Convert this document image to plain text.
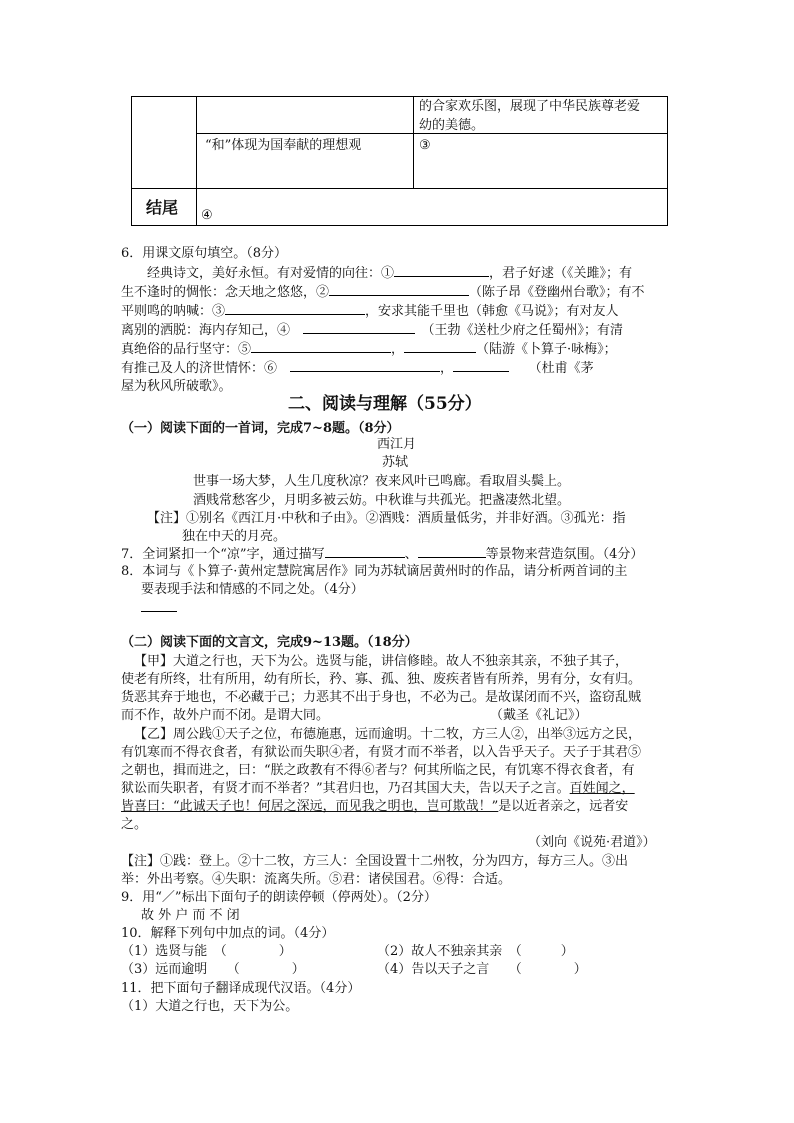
的合家欢乐图，展现了中华民族尊老爱
幼的美德。
“和”体现为国奉献的理想观	③
结尾 ④
6．用课文原句填空。（8分）
经典诗文，美好永恒。有对爱情的向往：①	，君子好逑（《关雎》；有
生不逢时的惆怅：念天地之悠悠，②	（陈子昂《登幽州台歌》；有不
平则鸣的呐喊：③	，安求其能千里也（韩愈《马说》；有对友人
离别的洒脱：海内存知己，④　　	（王勃《送杜少府之任蜀州》；有清
真绝俗的品行坚守：⑤	，	（陆游《卜算子·咏梅》；
有推己及人的济世情怀：⑥　	，　　	（杜甫《茅
屋为秋风所破歌》。
二、阅读与理解（55分）
（一）阅读下面的一首词，完成7~8题。（8分）
西江月
苏轼
世事一场大梦，人生几度秋凉？夜来风叶已鸣廊。看取眉头鬓上。
酒贱常愁客少，月明多被云妨。中秋谁与共孤光。把盏凄然北望。
【注】①别名《西江月·中秋和子由》。②酒贱：酒质量低劣，并非好酒。③孤光：指
独在中天的月亮。
7．全词紧扣一个“凉”字，通过描写	、	等景物来营造氛围。（4分）
8．本词与《卜算子·黄州定慧院寓居作》同为苏轼谪居黄州时的作品，请分析两首词的主
要表现手法和情感的不同之处。（4分）
（二）阅读下面的文言文，完成9~13题。（18分）
【甲】大道之行也，天下为公。选贤与能，讲信修睦。故人不独亲其亲，不独子其子，
使老有所终，壮有所用，幼有所长，矜、寡、孤、独、废疾者皆有所养，男有分，女有归。
货恶其弃于地也，不必藏于己；力恶其不出于身也，不必为己。是故谋闭而不兴，盗窃乱贼
而不作，故外户而不闭。是谓大同。	（戴圣《礼记》）
【乙】周公践①天子之位，布德施惠，远而逾明。十二牧，方三人②，出举③远方之民，
有饥寒而不得衣食者，有狱讼而失职④者，有贤才而不举者，以入告乎天子。天子于其君⑤
之朝也，揖而进之，曰：“朕之政教有不得⑥者与？何其所临之民，有饥寒不得衣食者，有
狱讼而失职者，有贤才而不举者？”其君归也，乃召其国大夫，告以天子之言。百姓闻之，
皆喜曰：“此诚天子也！何居之深远，而见我之明也，岂可欺哉！”是以近者亲之，远者安
之。
（刘向《说苑·君道》）
【注】①践：登上。②十二牧，方三人：全国设置十二州牧，分为四方，每方三人。③出
举：外出考察。④失职：流离失所。⑤君：诸侯国君。⑥得：合适。
9．用“／”标出下面句子的朗读停顿（停两处）。（2分）
故 外 户 而 不 闭
10．解释下列句中加点的词。（4分）
（1）选贤与能　（　　　　）	（2）故人不独亲其亲　（　　　）
（3）远而逾明　　（　　　　）	（4）告以天子之言　　（　　　　）
11．把下面句子翻译成现代汉语。（4分）
（1）大道之行也，天下为公。
